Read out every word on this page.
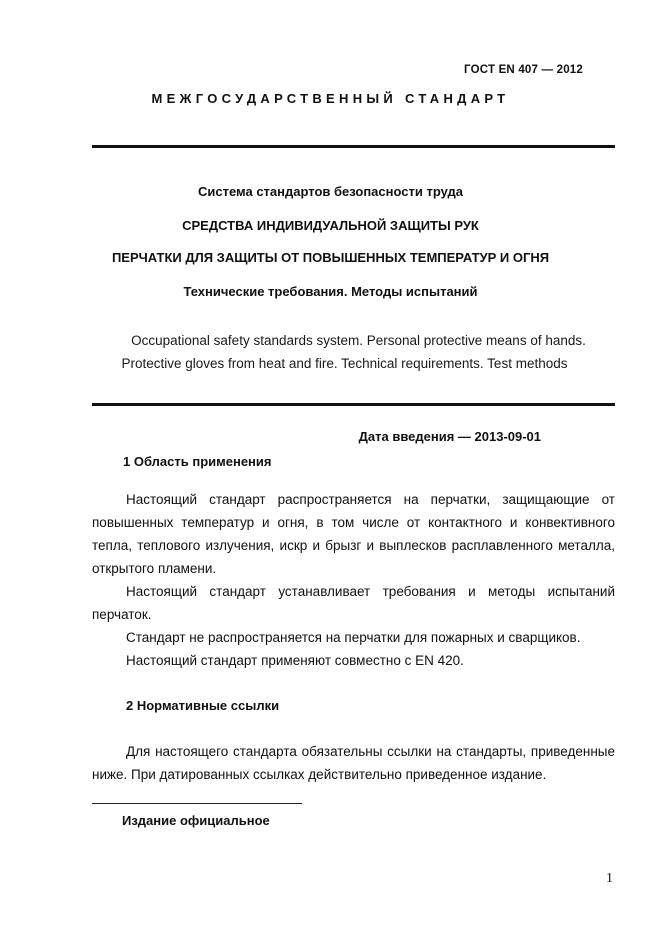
ГОСТ EN 407 — 2012
МЕЖГОСУДАРСТВЕННЫЙ СТАНДАРТ
Система стандартов безопасности труда
СРЕДСТВА ИНДИВИДУАЛЬНОЙ ЗАЩИТЫ РУК
ПЕРЧАТКИ ДЛЯ ЗАЩИТЫ ОТ ПОВЫШЕННЫХ ТЕМПЕРАТУР И ОГНЯ
Технические требования. Методы испытаний
Occupational safety standards system. Personal protective means of hands.
Protective gloves from heat and fire. Technical requirements. Test methods
Дата введения — 2013-09-01
1 Область применения

Настоящий стандарт распространяется на перчатки, защищающие от повышенных температур и огня, в том числе от контактного и конвективного тепла, теплового излучения, искр и брызг и выплесков расплавленного металла, открытого пламени.

Настоящий стандарт устанавливает требования и методы испытаний перчаток.

Стандарт не распространяется на перчатки для пожарных и сварщиков.

Настоящий стандарт применяют совместно с EN 420.

2 Нормативные ссылки

Для настоящего стандарта обязательны ссылки на стандарты, приведенные ниже. При датированных ссылках действительно приведенное издание.

Издание официальное
1
